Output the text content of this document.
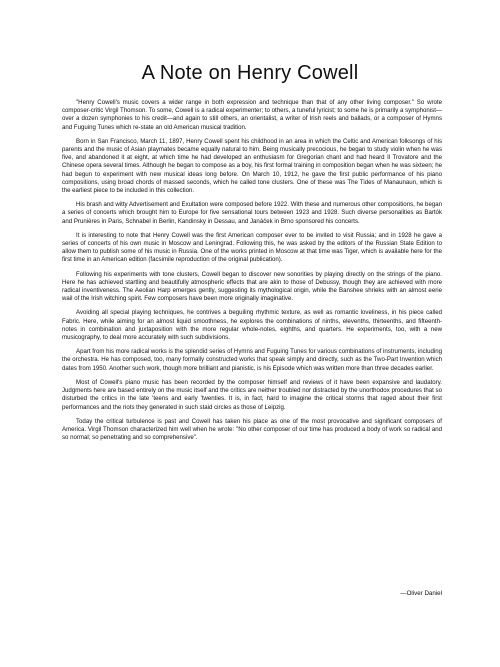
A Note on Henry Cowell

"Henry Cowell's music covers a wider range in both expression and technique than that of any other living composer." So wrote composer-critic Virgil Thomson. To some, Cowell is a radical experimenter; to others, a tuneful lyricist; to some he is primarily a symphonist—over a dozen symphonies to his credit—and again to still others, an orientalist, a writer of Irish reels and ballads, or a composer of Hymns and Fuguing Tunes which re-state an old American musical tradition.

Born in San Francisco, March 11, 1897, Henry Cowell spent his childhood in an area in which the Celtic and American folksongs of his parents and the music of Asian playmates became equally natural to him. Being musically precocious, he began to study violin when he was five, and abandoned it at eight, at which time he had developed an enthusiasm for Gregorian chant and had heard Il Trovatore and the Chinese opera several times. Although he began to compose as a boy, his first formal training in composition began when he was sixteen; he had begun to experiment with new musical ideas long before. On March 10, 1912, he gave the first public performance of his piano compositions, using broad chords of massed seconds, which he called tone clusters. One of these was The Tides of Manaunaun, which is the earliest piece to be included in this collection.

His brash and witty Advertisement and Exultation were composed before 1922. With these and numerous other compositions, he began a series of concerts which brought him to Europe for five sensational tours between 1923 and 1928. Such diverse personalities as Bartók and Prunières in Paris, Schnabel in Berlin, Kandinsky in Dessau, and Janáček in Brno sponsored his concerts.

It is interesting to note that Henry Cowell was the first American composer ever to be invited to visit Russia; and in 1928 he gave a series of concerts of his own music in Moscow and Leningrad. Following this, he was asked by the editors of the Russian State Edition to allow them to publish some of his music in Russia. One of the works printed in Moscow at that time was Tiger, which is available here for the first time in an American edition (facsimile reproduction of the original publication).

Following his experiments with tone clusters, Cowell began to discover new sonorities by playing directly on the strings of the piano. Here he has achieved startling and beautifully atmospheric effects that are akin to those of Debussy, though they are achieved with more radical inventiveness. The Aeolian Harp emerges gently, suggesting its mythological origin, while the Banshee shrieks with an almost eerie wail of the Irish witching spirit. Few composers have been more originally imaginative.

Avoiding all special playing techniques, he contrives a beguiling rhythmic texture, as well as romantic loveliness, in his piece called Fabric. Here, while aiming for an almost liquid smoothness, he explores the combinations of ninths, elevenths, thirteenths, and fifteenth-notes in combination and juxtaposition with the more regular whole-notes, eighths, and quarters. He experiments, too, with a new musicography, to deal more accurately with such subdivisions.

Apart from his more radical works is the splendid series of Hymns and Fuguing Tunes for various combinations of instruments, including the orchestra. He has composed, too, many formally constructed works that speak simply and directly, such as the Two-Part Invention which dates from 1950. Another such work, though more brilliant and pianistic, is his Episode which was written more than three decades earlier.

Most of Cowell's piano music has been recorded by the composer himself and reviews of it have been expansive and laudatory. Judgments here are based entirely on the music itself and the critics are neither troubled nor distracted by the unorthodox procedures that so disturbed the critics in the late 'teens and early 'twenties. It is, in fact, hard to imagine the critical storms that raged about their first performances and the riots they generated in such staid circles as those of Leipzig.

Today the critical turbulence is past and Cowell has taken his place as one of the most provocative and significant composers of America. Virgil Thomson characterized him well when he wrote: "No other composer of our time has produced a body of work so radical and so normal; so penetrating and so comprehensive".

—Oliver Daniel
